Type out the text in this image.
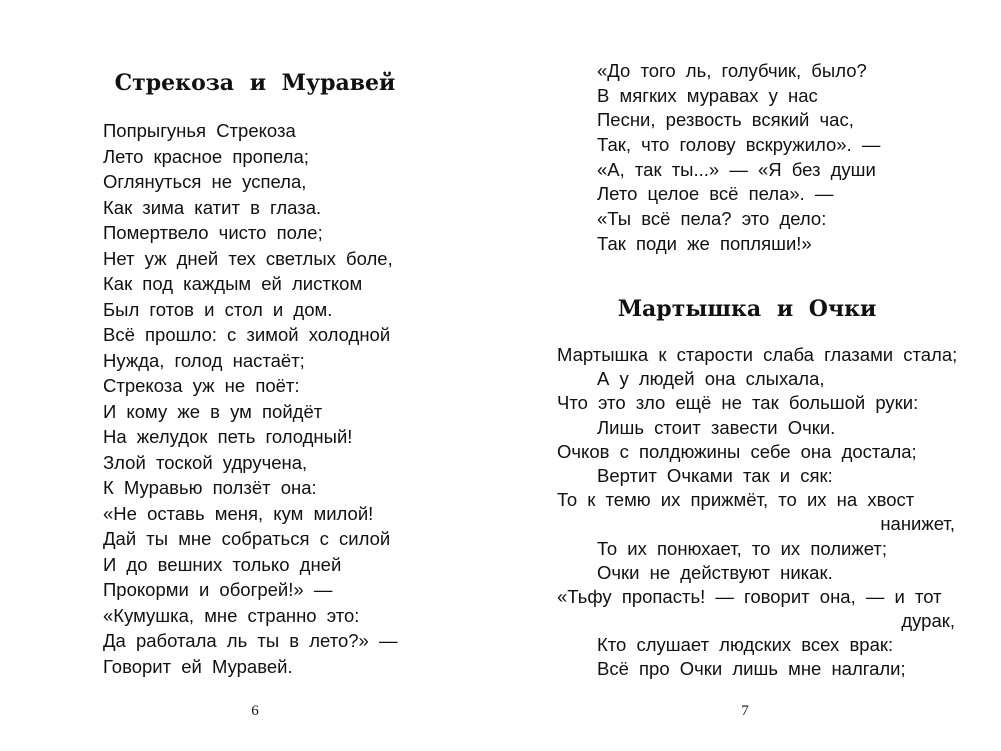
Стрекоза и Муравей
Попрыгунья Стрекоза
Лето красное пропела;
Оглянуться не успела,
Как зима катит в глаза.
Помертвело чисто поле;
Нет уж дней тех светлых боле,
Как под каждым ей листком
Был готов и стол и дом.
Всё прошло: с зимой холодной
Нужда, голод настаёт;
Стрекоза уж не поёт:
И кому же в ум пойдёт
На желудок петь голодный!
Злой тоской удручена,
К Муравью ползёт она:
«Не оставь меня, кум милой!
Дай ты мне собраться с силой
И до вешних только дней
Прокорми и обогрей!» —
«Кумушка, мне странно это:
Да работала ль ты в лето?» —
Говорит ей Муравей.
6
«До того ль, голубчик, было?
В мягких муравах у нас
Песни, резвость всякий час,
Так, что голову вскружило». —
«А, так ты...» — «Я без души
Лето целое всё пела». —
«Ты всё пела? это дело:
Так поди же попляши!»
Мартышка и Очки
Мартышка к старости слаба глазами стала;
А у людей она слыхала,
Что это зло ещё не так большой руки:
Лишь стоит завести Очки.
Очков с полдюжины себе она достала;
Вертит Очками так и сяк:
То к темю их прижмёт, то их на хвост
нанижет,
То их понюхает, то их полижет;
Очки не действуют никак.
«Тьфу пропасть! — говорит она, — и тот
дурак,
Кто слушает людских всех врак:
Всё про Очки лишь мне налгали;
7
